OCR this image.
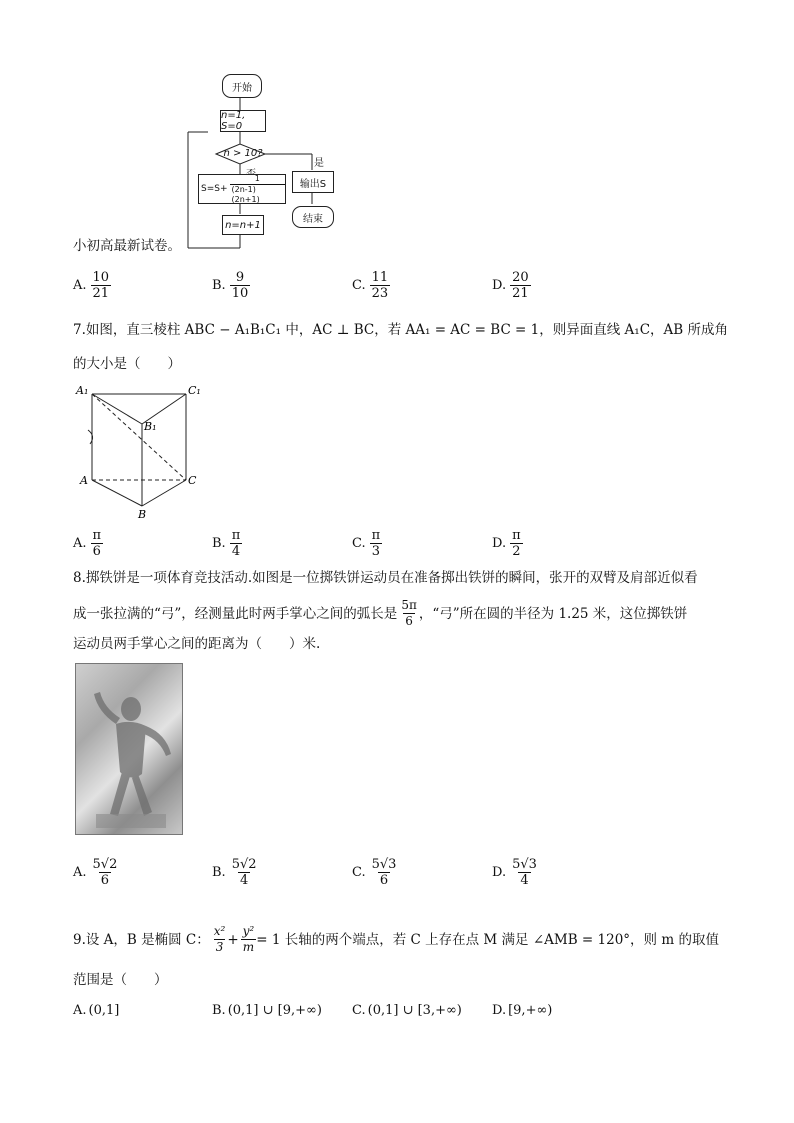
开始
n=1, S=0
n > 10?
是
$S=S+ \frac{1}{(2n-1)(2n+1)}$	输出S
结束
n=n+1
小初高最新试卷。
A. $\frac{10}{21}$	B. $\frac{9}{10}$	C. $\frac{11}{23}$	D. $\frac{20}{21}$
7.如图，直三棱柱 ABC − A₁B₁C₁ 中，AC ⊥ BC，若 AA₁ = AC = BC = 1，则异面直线 A₁C，AB 所成角
的大小是（　　）
A₁	C₁
B₁
A	C
B
A. $\frac{\pi}{6}$	B. $\frac{\pi}{4}$	C. $\frac{\pi}{3}$	D. $\frac{\pi}{2}$
8.掷铁饼是一项体育竞技活动.如图是一位掷铁饼运动员在准备掷出铁饼的瞬间，张开的双臂及肩部近似看
成一张拉满的“弓”，经测量此时两手掌心之间的弧长是 $\frac{5\pi}{6}$ ，“弓”所在圆的半径为 1.25 米，这位掷铁饼
运动员两手掌心之间的距离为（　　）米.
A. $\frac{5√2}{6}$	B. $\frac{5√2}{4}$	C. $\frac{5√3}{6}$	D. $\frac{5√3}{4}$
9.设 A，B 是椭圆 C： $\frac{\text{x²}}{3} + \frac{\text{y²}}{m} = 1$ 长轴的两个端点，若 C 上存在点 M 满足 ∠AMB = 120°，则 m 的取值
范围是（　　）
A. (0,1]	B. (0,1] ∪ [9,+∞) C. (0,1] ∪ [3,+∞) D. [9,+∞)
